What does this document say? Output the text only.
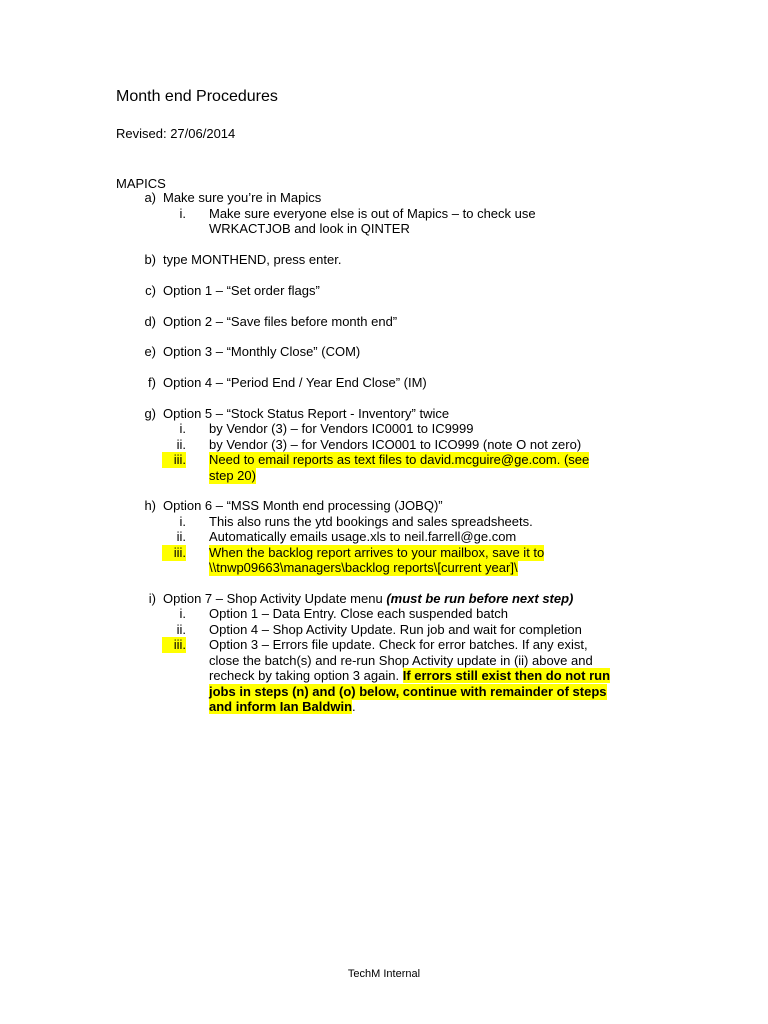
Month end Procedures
Revised: 27/06/2014
MAPICS
a) Make sure you’re in Mapics
i. Make sure everyone else is out of Mapics – to check use
WRKACTJOB and look in QINTER
b) type MONTHEND, press enter.
c) Option 1 – “Set order flags”
d) Option 2 – “Save files before month end”
e) Option 3 – “Monthly Close” (COM)
f) Option 4 – “Period End / Year End Close” (IM)
g) Option 5 – “Stock Status Report - Inventory” twice
i. by Vendor (3) – for Vendors IC0001 to IC9999
ii. by Vendor (3) – for Vendors ICO001 to ICO999 (note O not zero)
iii. Need to email reports as text files to david.mcguire@ge.com. (see
step 20)
h) Option 6 – “MSS Month end processing (JOBQ)”
i. This also runs the ytd bookings and sales spreadsheets.
ii. Automatically emails usage.xls to neil.farrell@ge.com
iii. When the backlog report arrives to your mailbox, save it to
\\tnwp09663\managers\backlog reports\[current year]\
i) Option 7 – Shop Activity Update menu (must be run before next step)
i. Option 1 – Data Entry. Close each suspended batch
ii. Option 4 – Shop Activity Update. Run job and wait for completion
iii. Option 3 – Errors file update. Check for error batches. If any exist,
close the batch(s) and re-run Shop Activity update in (ii) above and
recheck by taking option 3 again. If errors still exist then do not run
jobs in steps (n) and (o) below, continue with remainder of steps
and inform Ian Baldwin.
TechM Internal
